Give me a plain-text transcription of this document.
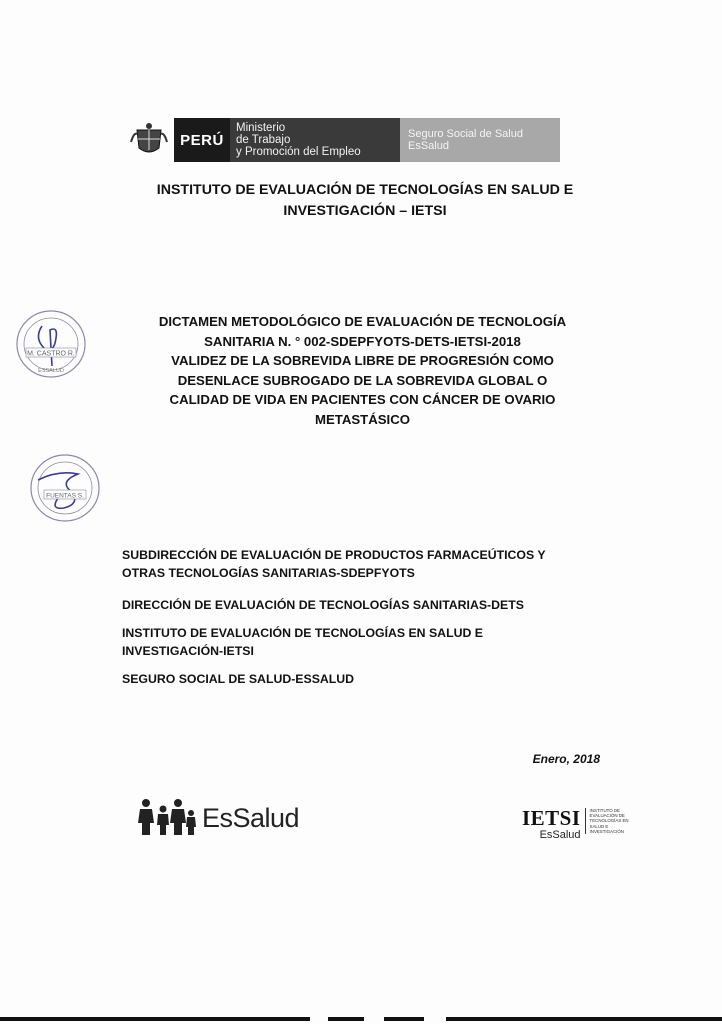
PERÚ
Ministerio
de Trabajo
y Promoción del Empleo
Seguro Social de Salud
EsSalud
INSTITUTO DE EVALUACIÓN DE TECNOLOGÍAS EN SALUD E
INVESTIGACIÓN – IETSI
M. CASTRO R.
ESSALUD
DICTAMEN METODOLÓGICO DE EVALUACIÓN DE TECNOLOGÍA
SANITARIA N. ° 002-SDEPFYOTS-DETS-IETSI-2018
VALIDEZ DE LA SOBREVIDA LIBRE DE PROGRESIÓN COMO
DESENLACE SUBROGADO DE LA SOBREVIDA GLOBAL O
CALIDAD DE VIDA EN PACIENTES CON CÁNCER DE OVARIO
METASTÁSICO
FUENTAS S.
SUBDIRECCIÓN DE EVALUACIÓN DE PRODUCTOS FARMACEÚTICOS Y
OTRAS TECNOLOGÍAS SANITARIAS-SDEPFYOTS
DIRECCIÓN DE EVALUACIÓN DE TECNOLOGÍAS SANITARIAS-DETS
INSTITUTO DE EVALUACIÓN DE TECNOLOGÍAS EN SALUD E
INVESTIGACIÓN-IETSI
SEGURO SOCIAL DE SALUD-ESSALUD
Enero, 2018
EsSalud	IETSI
EsSalud
INSTITUTO DE
EVALUACIÓN DE
TECNOLOGÍAS EN
SALUD E
INVESTIGACIÓN
